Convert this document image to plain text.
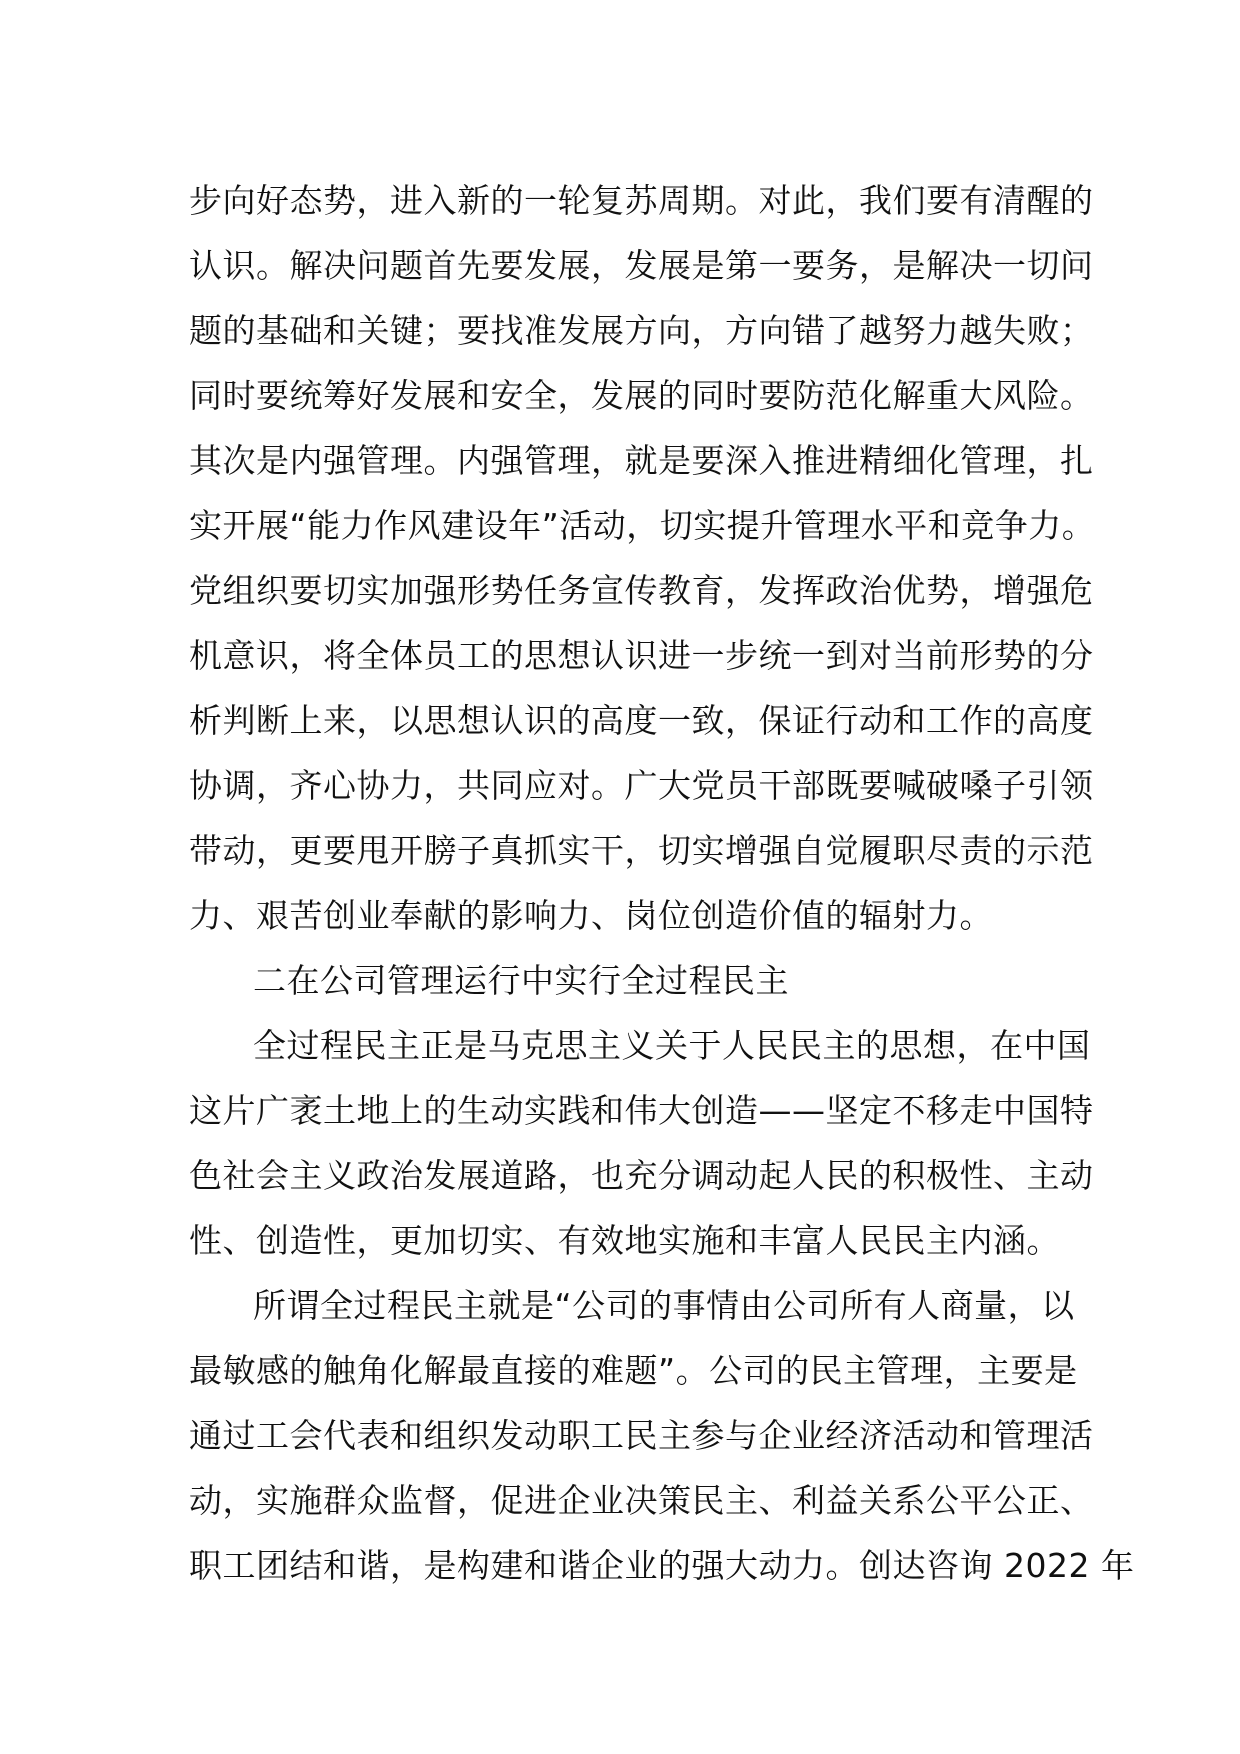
步向好态势，进入新的一轮复苏周期。对此，我们要有清醒的
认识。解决问题首先要发展，发展是第一要务，是解决一切问
题的基础和关键；要找准发展方向，方向错了越努力越失败；
同时要统筹好发展和安全，发展的同时要防范化解重大风险。
其次是内强管理。内强管理，就是要深入推进精细化管理，扎
实开展“能力作风建设年”活动，切实提升管理水平和竞争力。
党组织要切实加强形势任务宣传教育，发挥政治优势，增强危
机意识，将全体员工的思想认识进一步统一到对当前形势的分
析判断上来，以思想认识的高度一致，保证行动和工作的高度
协调，齐心协力，共同应对。广大党员干部既要喊破嗓子引领
带动，更要甩开膀子真抓实干，切实增强自觉履职尽责的示范
力、艰苦创业奉献的影响力、岗位创造价值的辐射力。
二在公司管理运行中实行全过程民主
全过程民主正是马克思主义关于人民民主的思想，在中国
这片广袤土地上的生动实践和伟大创造——坚定不移走中国特
色社会主义政治发展道路，也充分调动起人民的积极性、主动
性、创造性，更加切实、有效地实施和丰富人民民主内涵。
所谓全过程民主就是“公司的事情由公司所有人商量，以
最敏感的触角化解最直接的难题”。公司的民主管理，主要是
通过工会代表和组织发动职工民主参与企业经济活动和管理活
动，实施群众监督，促进企业决策民主、利益关系公平公正、
职工团结和谐，是构建和谐企业的强大动力。创达咨询 2022 年
